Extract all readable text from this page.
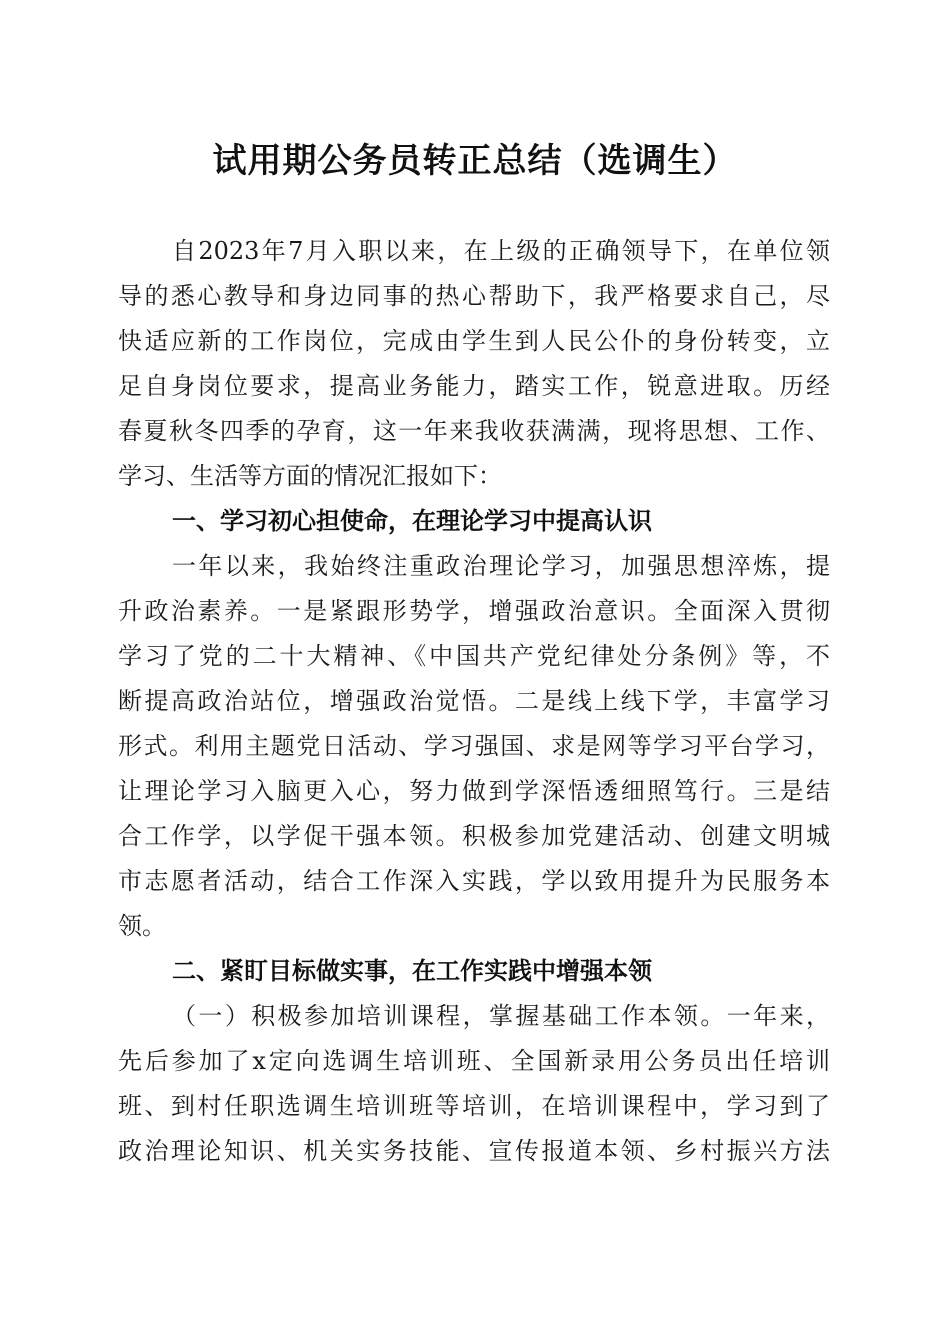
试用期公务员转正总结（选调生）
自2023年7月入职以来，在上级的正确领导下，在单位领
导的悉心教导和身边同事的热心帮助下，我严格要求自己，尽
快适应新的工作岗位，完成由学生到人民公仆的身份转变，立
足自身岗位要求，提高业务能力，踏实工作，锐意进取。历经
春夏秋冬四季的孕育，这一年来我收获满满，现将思想、工作、
学习、生活等方面的情况汇报如下：
一、学习初心担使命，在理论学习中提高认识
一年以来，我始终注重政治理论学习，加强思想淬炼，提
升政治素养。一是紧跟形势学，增强政治意识。全面深入贯彻
学习了党的二十大精神、《中国共产党纪律处分条例》等，不
断提高政治站位，增强政治觉悟。二是线上线下学，丰富学习
形式。利用主题党日活动、学习强国、求是网等学习平台学习，
让理论学习入脑更入心，努力做到学深悟透细照笃行。三是结
合工作学，以学促干强本领。积极参加党建活动、创建文明城
市志愿者活动，结合工作深入实践，学以致用提升为民服务本
领。
二、紧盯目标做实事，在工作实践中增强本领
（一）积极参加培训课程，掌握基础工作本领。一年来，
先后参加了x定向选调生培训班、全国新录用公务员出任培训
班、到村任职选调生培训班等培训，在培训课程中，学习到了
政治理论知识、机关实务技能、宣传报道本领、乡村振兴方法
